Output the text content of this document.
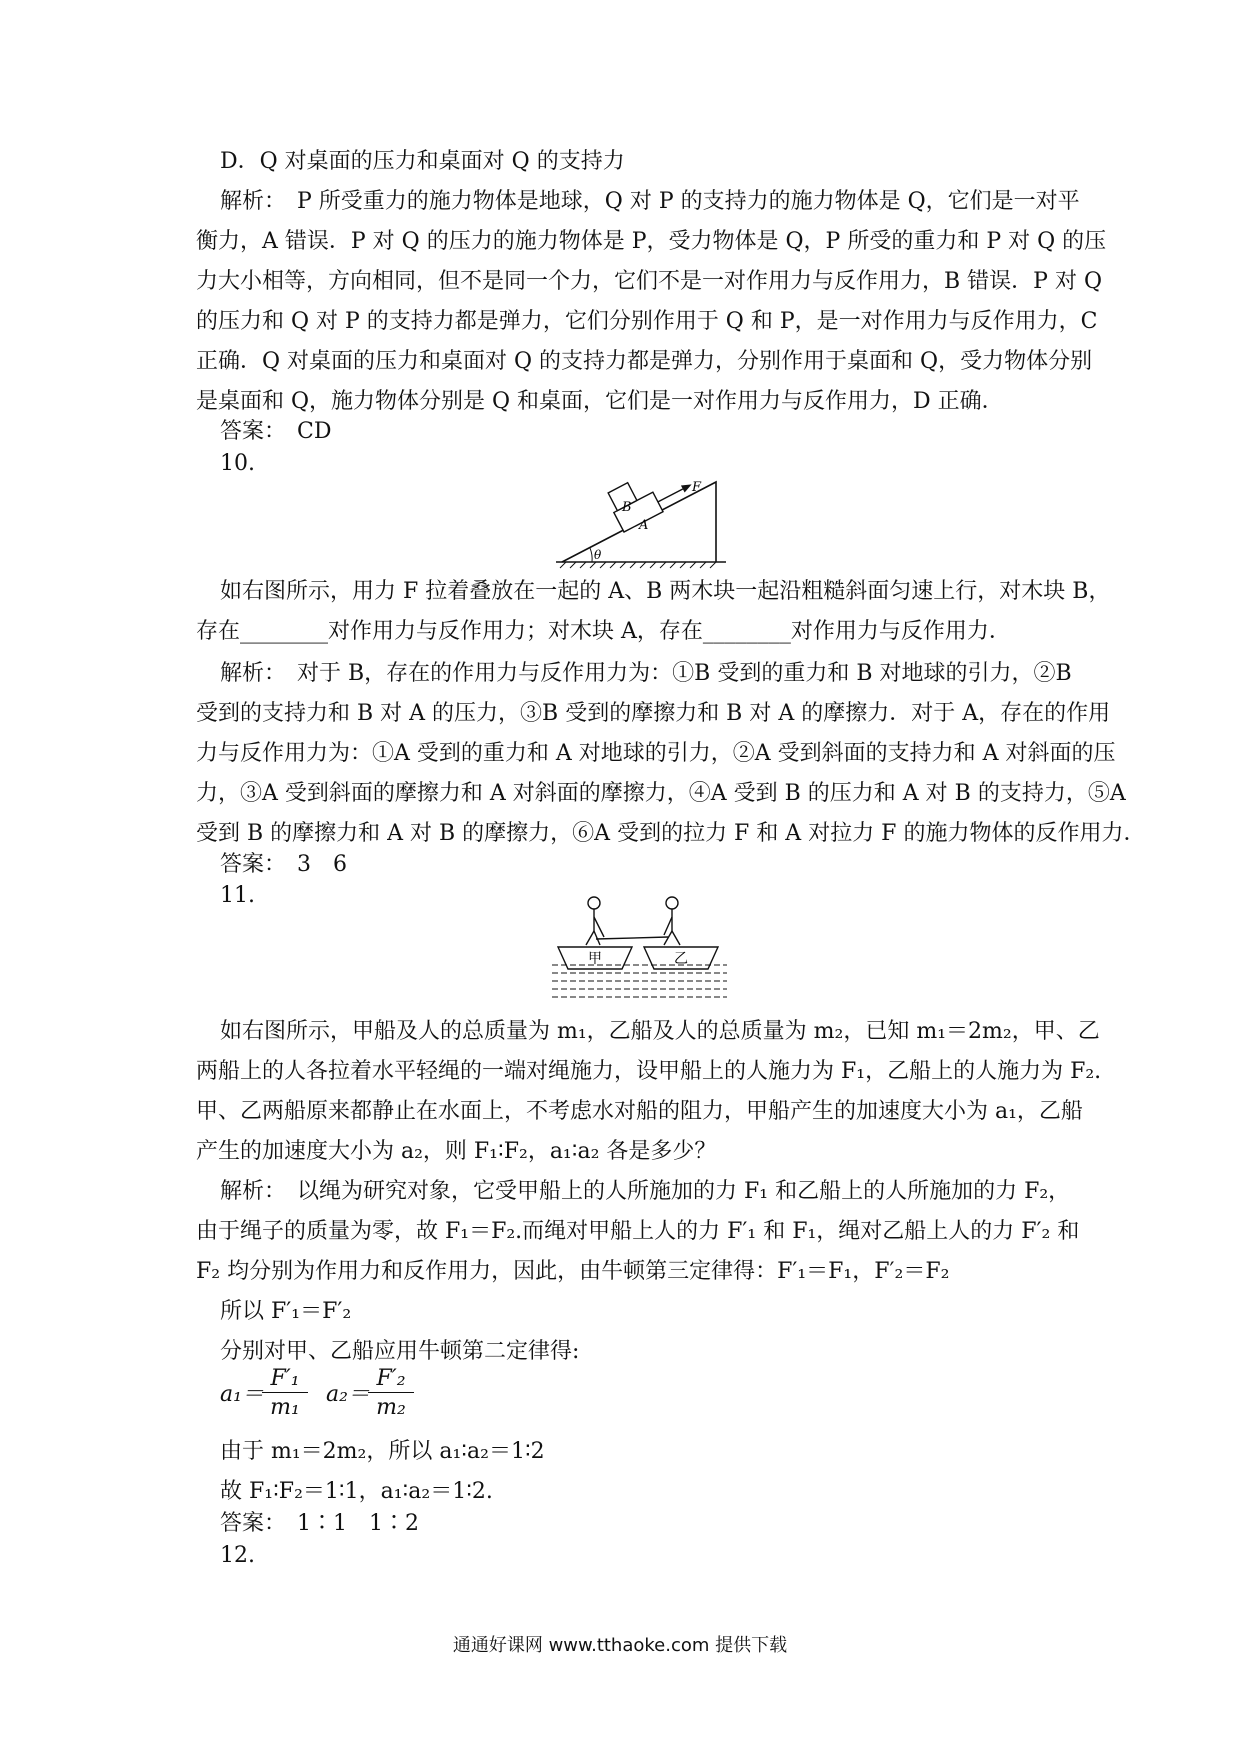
D．Q 对桌面的压力和桌面对 Q 的支持力
解析：　P 所受重力的施力物体是地球，Q 对 P 的支持力的施力物体是 Q，它们是一对平
衡力，A 错误．P 对 Q 的压力的施力物体是 P，受力物体是 Q，P 所受的重力和 P 对 Q 的压
力大小相等，方向相同，但不是同一个力，它们不是一对作用力与反作用力，B 错误．P 对 Q
的压力和 Q 对 P 的支持力都是弹力，它们分别作用于 Q 和 P，是一对作用力与反作用力，C
正确．Q 对桌面的压力和桌面对 Q 的支持力都是弹力，分别作用于桌面和 Q，受力物体分别
是桌面和 Q，施力物体分别是 Q 和桌面，它们是一对作用力与反作用力，D 正确．
答案：　CD
10.
A
B
F
θ
如右图所示，用力 F 拉着叠放在一起的 A、B 两木块一起沿粗糙斜面匀速上行，对木块 B，
存在________对作用力与反作用力；对木块 A，存在________对作用力与反作用力．
解析：　对于 B，存在的作用力与反作用力为：①B 受到的重力和 B 对地球的引力，②B
受到的支持力和 B 对 A 的压力，③B 受到的摩擦力和 B 对 A 的摩擦力．对于 A，存在的作用
力与反作用力为：①A 受到的重力和 A 对地球的引力，②A 受到斜面的支持力和 A 对斜面的压
力，③A 受到斜面的摩擦力和 A 对斜面的摩擦力，④A 受到 B 的压力和 A 对 B 的支持力，⑤A
受到 B 的摩擦力和 A 对 B 的摩擦力，⑥A 受到的拉力 F 和 A 对拉力 F 的施力物体的反作用力．
答案：　3　6
11.
甲	乙
如右图所示，甲船及人的总质量为 m₁，乙船及人的总质量为 m₂，已知 m₁＝2m₂，甲、乙
两船上的人各拉着水平轻绳的一端对绳施力，设甲船上的人施力为 F₁，乙船上的人施力为 F₂.
甲、乙两船原来都静止在水面上，不考虑水对船的阻力，甲船产生的加速度大小为 a₁，乙船
产生的加速度大小为 a₂，则 F₁∶F₂，a₁∶a₂ 各是多少？
解析：　以绳为研究对象，它受甲船上的人所施加的力 F₁ 和乙船上的人所施加的力 F₂，
由于绳子的质量为零，故 F₁＝F₂.而绳对甲船上人的力 F′₁ 和 F₁，绳对乙船上人的力 F′₂ 和
F₂ 均分别为作用力和反作用力，因此，由牛顿第三定律得：F′₁＝F₁，F′₂＝F₂
所以 F′₁＝F′₂
分别对甲、乙船应用牛顿第二定律得:
a₁＝
F′₁
m₁
a₂＝
F′₂
m₂
由于 m₁＝2m₂，所以 a₁∶a₂＝1∶2
故 F₁∶F₂＝1∶1，a₁∶a₂＝1∶2.
答案：　1∶1　1∶2
12.
通通好课网 www.tthaoke.com 提供下载
